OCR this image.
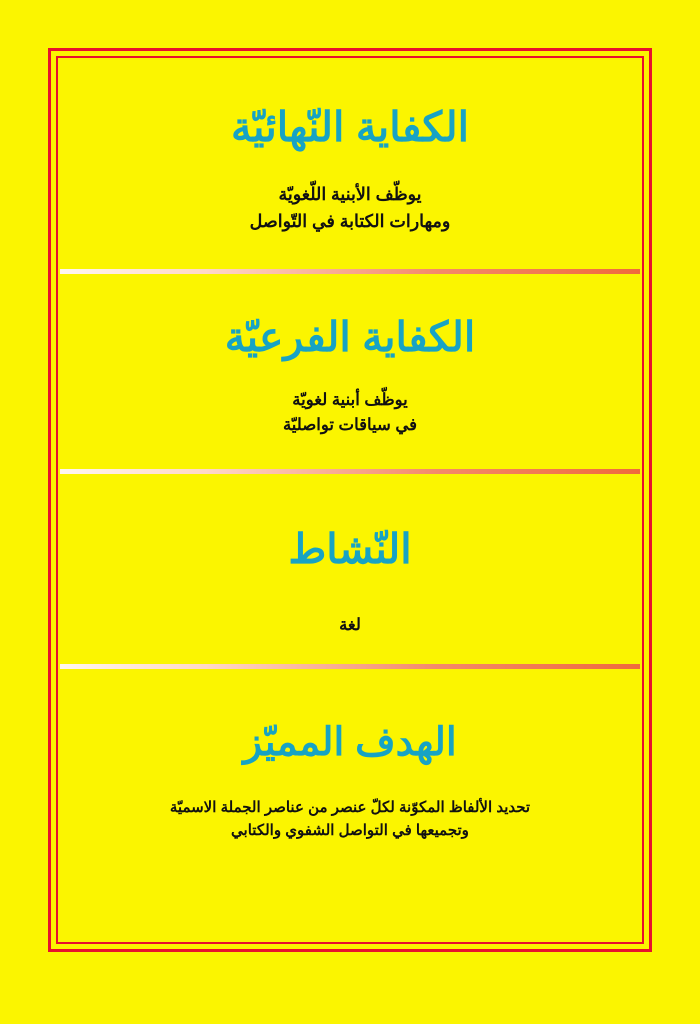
الكفاية النّهائيّة
يوظّف الأبنية اللّغويّة
ومهارات الكتابة في التّواصل
الكفاية الفرعيّة
يوظّف أبنية لغويّة
في سياقات تواصليّة
النّشاط
لغة
الهدف المميّز
تحديد الألفاظ المكوّنة لكلّ عنصر من عناصر الجملة الاسميّة
وتجميعها في التواصل الشفوي والكتابي
